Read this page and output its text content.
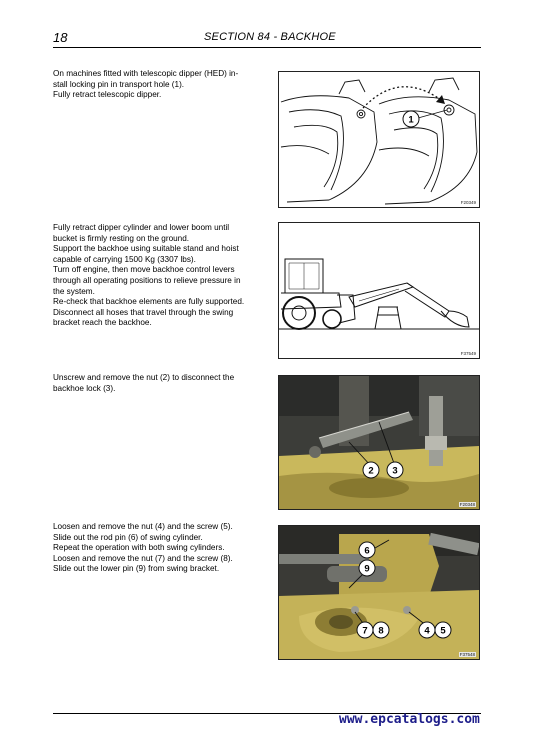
18	SECTION 84 - BACKHOE

On machines fitted with telescopic dipper (HED) in-

stall locking pin in transport hole (1).

Fully retract telescopic dipper.

1
F20349

Fully retract dipper cylinder and lower boom until

bucket is firmly resting on the ground.

Support the backhoe using suitable stand and hoist

capable of carrying 1500 Kg (3307 lbs).

Turn off engine, then move backhoe control levers

through all operating positions to relieve pressure in

the system.

Re-check that backhoe elements are fully supported.

Disconnect all hoses that travel through the swing

bracket reach the backhoe.

F37549

Unscrew and remove the nut (2) to disconnect the

backhoe lock (3).

2 3
F20348

Loosen and remove the nut (4) and the screw (5).

Slide out the rod pin (6) of swing cylinder.

Repeat the operation with both swing cylinders.

Loosen and remove the nut (7) and the screw (8).

Slide out the lower pin (9) from swing bracket.

6
9
7 8	4 5
F37548
www.epcatalogs.com
